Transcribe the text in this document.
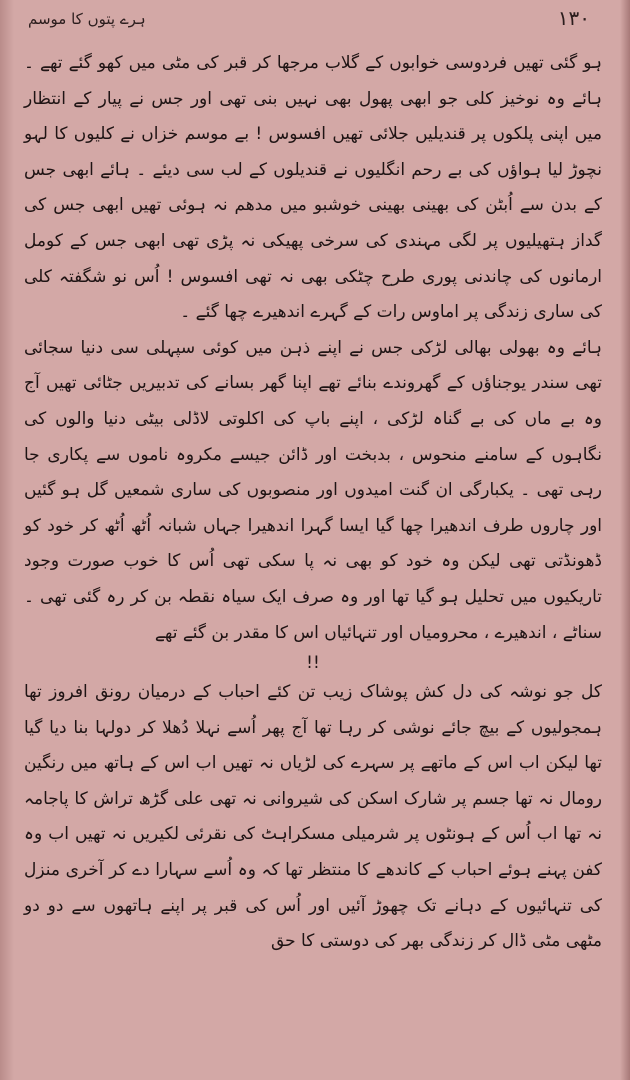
ہرے پتوں کا موسم	۱۳۰

ہو گئی تھیں فردوسی خوابوں کے گلاب مرجھا کر قبر کی مٹی میں کھو گئے تھے ۔ ہائے وہ نوخیز کلی جو ابھی پھول بھی نہیں بنی تھی اور جس نے پیار کے انتظار میں اپنی پلکوں پر قندیلیں جلائی تھیں افسوس ! بے موسم خزاں نے کلیوں کا لہو نچوڑ لیا ہواؤں کی بے رحم انگلیوں نے قندیلوں کے لب سی دیئے ۔ ہائے ابھی جس کے بدن سے اُبٹن کی بھینی بھینی خوشبو میں مدھم نہ ہوئی تھیں ابھی جس کی گداز ہتھیلیوں پر لگی مہندی کی سرخی پھیکی نہ پڑی تھی ابھی جس کے کومل ارمانوں کی چاندنی پوری طرح چٹکی بھی نہ تھی افسوس ! اُس نو شگفتہ کلی کی ساری زندگی پر اماوس رات کے گہرے اندھیرے چھا گئے ۔

ہائے وہ بھولی بھالی لڑکی جس نے اپنے ذہن میں کوئی سپہلی سی دنیا سجائی تھی سندر یوجناؤں کے گھروندے بنائے تھے اپنا گھر بسانے کی تدبیریں جٹائی تھیں آج وہ بے ماں کی بے گناہ لڑکی ، اپنے باپ کی اکلوتی لاڈلی بیٹی دنیا والوں کی نگاہوں کے سامنے منحوس ، بدبخت اور ڈائن جیسے مکروہ ناموں سے پکاری جا رہی تھی ۔ یکبارگی ان گنت امیدوں اور منصوبوں کی ساری شمعیں گل ہو گئیں اور چاروں طرف اندھیرا چھا گیا ایسا گہرا اندھیرا جہاں شبانہ اُٹھ اُٹھ کر خود کو ڈھونڈتی تھی لیکن وہ خود کو بھی نہ پا سکی تھی اُس کا خوب صورت وجود تاریکیوں میں تحلیل ہو گیا تھا اور وہ صرف ایک سیاہ نقطہ بن کر رہ گئی تھی ۔ سناٹے ، اندھیرے ، محرومیاں اور تنہائیاں اس کا مقدر بن گئے تھے

!!

کل جو نوشہ کی دل کش پوشاک زیب تن کئے احباب کے درمیان رونق افروز تھا ہمجولیوں کے بیچ جائے نوشی کر رہا تھا آج پھر اُسے نہلا دُھلا کر دولہا بنا دیا گیا تھا لیکن اب اس کے ماتھے پر سہرے کی لڑیاں نہ تھیں اب اس کے ہاتھ میں رنگین رومال نہ تھا جسم پر شارک اسکن کی شیروانی نہ تھی علی گڑھ تراش کا پاجامہ نہ تھا اب اُس کے ہونٹوں پر شرمیلی مسکراہٹ کی نقرئی لکیریں نہ تھیں اب وہ کفن پہنے ہوئے احباب کے کاندھے کا منتظر تھا کہ وہ اُسے سہارا دے کر آخری منزل کی تنہائیوں کے دہانے تک چھوڑ آئیں اور اُس کی قبر پر اپنے ہاتھوں سے دو دو مٹھی مٹی ڈال کر زندگی بھر کی دوستی کا حق
